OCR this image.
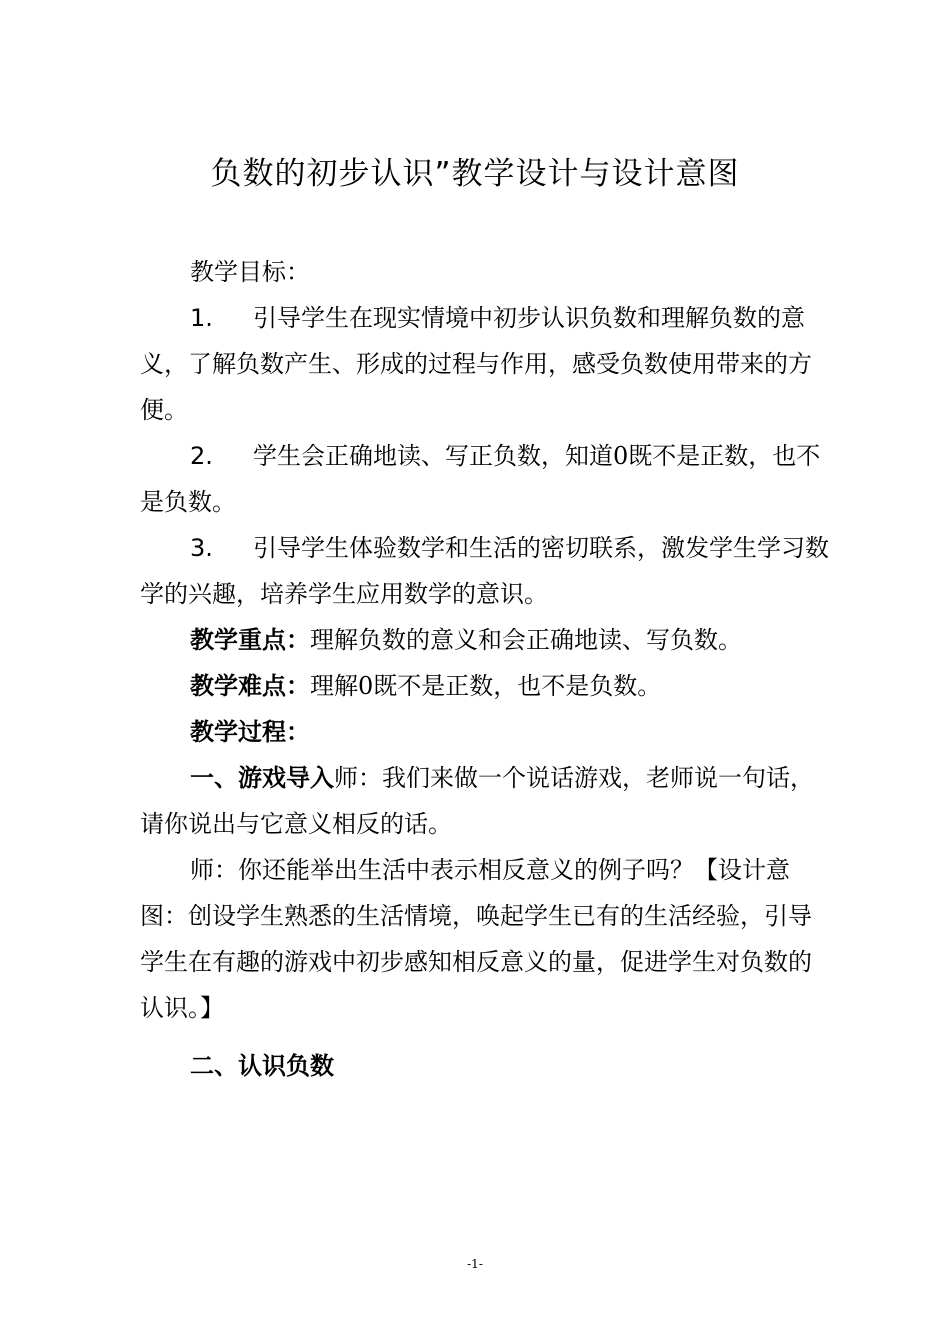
负数的初步认识”教学设计与设计意图

教学目标：

1. 引导学生在现实情境中初步认识负数和理解负数的意义，了解负数产生、形成的过程与作用，感受负数使用带来的方便。

2. 学生会正确地读、写正负数，知道0既不是正数，也不是负数。

3. 引导学生体验数学和生活的密切联系，激发学生学习数学的兴趣，培养学生应用数学的意识。

教学重点：理解负数的意义和会正确地读、写负数。

教学难点：理解0既不是正数，也不是负数。

教学过程：

一、游戏导入师：我们来做一个说话游戏，老师说一句话，请你说出与它意义相反的话。

师：你还能举出生活中表示相反意义的例子吗？【设计意图：创设学生熟悉的生活情境，唤起学生已有的生活经验，引导学生在有趣的游戏中初步感知相反意义的量，促进学生对负数的认识。】

二、认识负数

-1-
